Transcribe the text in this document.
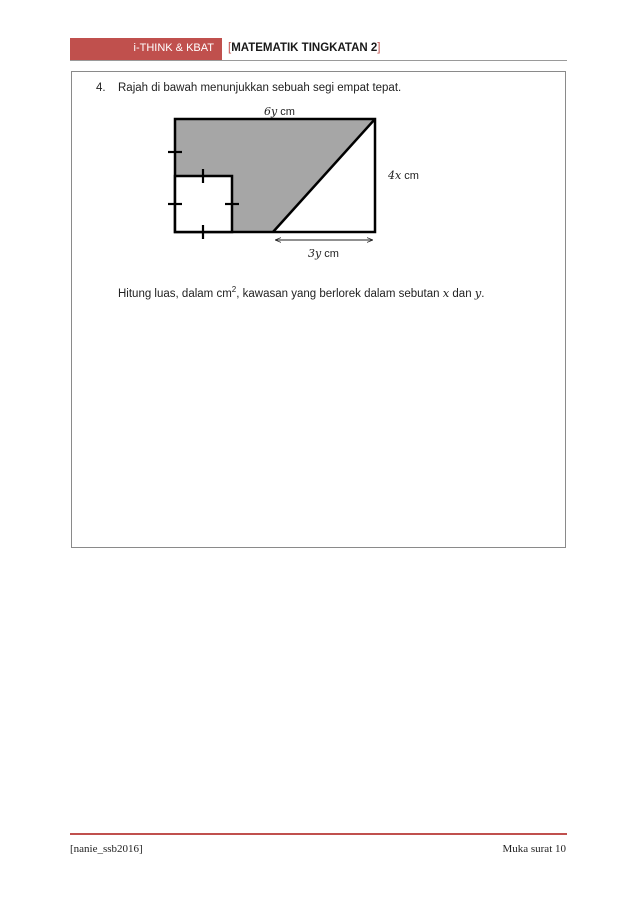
i-THINK & KBAT [MATEMATIK TINGKATAN 2]
4. Rajah di bawah menunjukkan sebuah segi empat tepat.
6y cm
4x cm
3y cm
Hitung luas, dalam $cm^2$, kawasan yang berlorek dalam sebutan x dan y.
[nanie_ssb2016]	Muka surat 10
